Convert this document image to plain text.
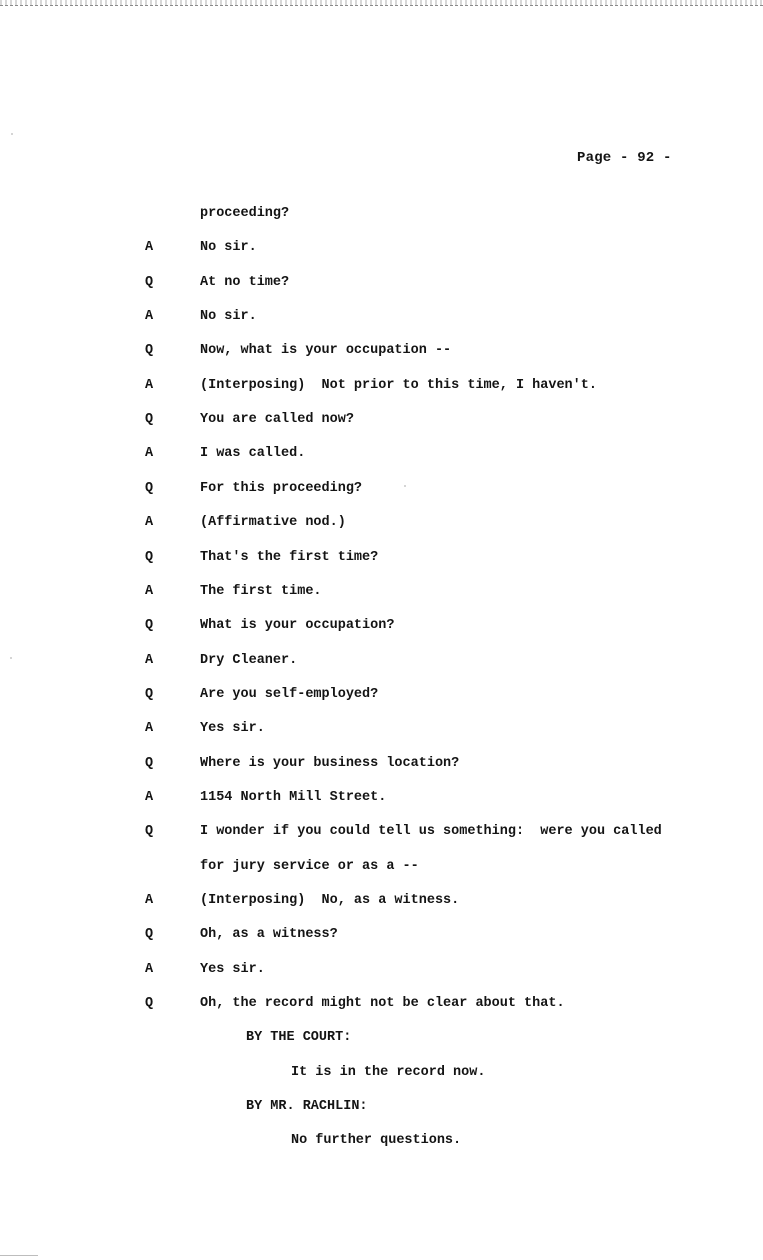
Page - 92 -
proceeding?
A	No sir.
Q	At no time?
A	No sir.
Q	Now, what is your occupation --
A	(Interposing)  Not prior to this time, I haven't.
Q	You are called now?
A	I was called.
Q	For this proceeding?
A	(Affirmative nod.)
Q	That's the first time?
A	The first time.
Q	What is your occupation?
A	Dry Cleaner.
Q	Are you self-employed?
A	Yes sir.
Q	Where is your business location?
A	1154 North Mill Street.
Q	I wonder if you could tell us something:  were you called
for jury service or as a --
A	(Interposing)  No, as a witness.
Q	Oh, as a witness?
A	Yes sir.
Q	Oh, the record might not be clear about that.
BY THE COURT:
It is in the record now.
BY MR. RACHLIN:
No further questions.
